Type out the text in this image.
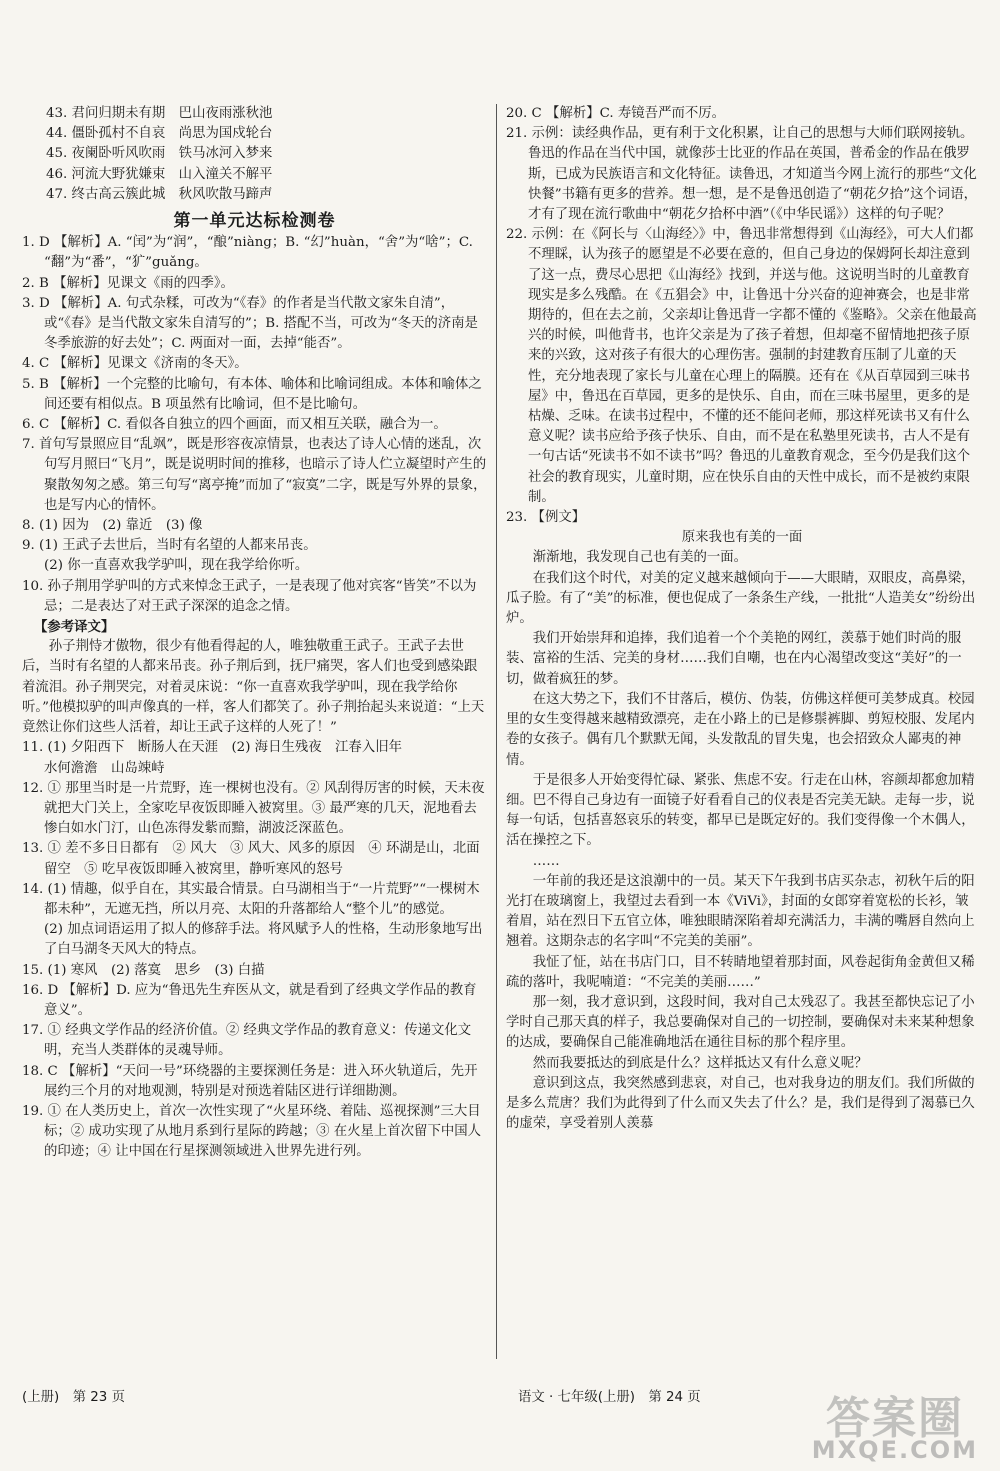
43. 君问归期未有期　巴山夜雨涨秋池
44. 僵卧孤村不自哀　尚思为国戍轮台
45. 夜阑卧听风吹雨　铁马冰河入梦来
46. 河流大野犹嫌束　山入潼关不解平
47. 终古高云簇此城　秋风吹散马蹄声
第一单元达标检测卷
1. D 【解析】A. “闰”为“润”，“酿”niàng；B. “幻”huàn，“舍”为“啥”；C. “翻”为“番”，“犷”guǎng。
2. B 【解析】见课文《雨的四季》。
3. D 【解析】A. 句式杂糅，可改为“《春》的作者是当代散文家朱自清”，或“《春》是当代散文家朱自清写的”；B. 搭配不当，可改为“冬天的济南是冬季旅游的好去处”；C. 两面对一面，去掉“能否”。
4. C 【解析】见课文《济南的冬天》。
5. B 【解析】一个完整的比喻句，有本体、喻体和比喻词组成。本体和喻体之间还要有相似点。B 项虽然有比喻词，但不是比喻句。
6. C 【解析】C. 看似各自独立的四个画面，而又相互关联，融合为一。
7. 首句写景照应目“乱飒”，既是形容夜凉情景，也表达了诗人心情的迷乱，次句写月照曰“飞月”，既是说明时间的推移，也暗示了诗人伫立凝望时产生的聚散匆匆之感。第三句写“离亭掩”而加了“寂寞”二字，既是写外界的景象，也是写内心的情怀。
8. (1) 因为　(2) 靠近　(3) 像
9. (1) 王武子去世后，当时有名望的人都来吊丧。
(2) 你一直喜欢我学驴叫，现在我学给你听。
10. 孙子荆用学驴叫的方式来悼念王武子，一是表现了他对宾客“皆笑”不以为忌；二是表达了对王武子深深的追念之情。
【参考译文】
孙子荆恃才傲物，很少有他看得起的人，唯独敬重王武子。王武子去世后，当时有名望的人都来吊丧。孙子荆后到，抚尸痛哭，客人们也受到感染跟着流泪。孙子荆哭完，对着灵床说：“你一直喜欢我学驴叫，现在我学给你听。”他模拟驴的叫声像真的一样，客人们都笑了。孙子荆抬起头来说道：“上天竟然让你们这些人活着，却让王武子这样的人死了！”
11. (1) 夕阳西下　断肠人在天涯　(2) 海日生残夜　江春入旧年
水何澹澹　山岛竦峙
12. ① 那里当时是一片荒野，连一棵树也没有。② 风刮得厉害的时候，天未夜就把大门关上，全家吃早夜饭即睡入被窝里。③ 最严寒的几天，泥地看去惨白如水门汀，山色冻得发紫而黯，湖波泛深蓝色。
13. ① 差不多日日都有　② 风大　③ 风大、风多的原因　④ 环湖是山，北面留空　⑤ 吃早夜饭即睡入被窝里，静听寒风的怒号
14. (1) 情趣，似乎自在，其实最合情景。白马湖相当于“一片荒野”“一棵树木都未种”，无遮无挡，所以月亮、太阳的升落都给人“整个儿”的感觉。
(2) 加点词语运用了拟人的修辞手法。将风赋予人的性格，生动形象地写出了白马湖冬天风大的特点。
15. (1) 寒风　(2) 落寞　思乡　(3) 白描
16. D 【解析】D. 应为“鲁迅先生弃医从文，就是看到了经典文学作品的教育意义”。
17. ① 经典文学作品的经济价值。② 经典文学作品的教育意义：传递文化文明，充当人类群体的灵魂导师。
18. C 【解析】“天问一号”环绕器的主要探测任务是：进入环火轨道后，先开展约三个月的对地观测，特别是对预选着陆区进行详细勘测。
19. ① 在人类历史上，首次一次性实现了“火星环绕、着陆、巡视探测”三大目标；② 成功实现了从地月系到行星际的跨越；③ 在火星上首次留下中国人的印迹；④ 让中国在行星探测领域进入世界先进行列。
20. C 【解析】C. 寿镜吾严而不厉。
21. 示例：读经典作品，更有利于文化积累，让自己的思想与大师们联网接轨。鲁迅的作品在当代中国，就像莎士比亚的作品在英国，普希金的作品在俄罗斯，已成为民族语言和文化特征。读鲁迅，才知道当今网上流行的那些“文化快餐”书籍有更多的营养。想一想，是不是鲁迅创造了“朝花夕拾”这个词语，才有了现在流行歌曲中“朝花夕拾杯中酒”（《中华民谣》）这样的句子呢？
22. 示例：在《阿长与〈山海经〉》中，鲁迅非常想得到《山海经》，可大人们都不理睬，认为孩子的愿望是不必要在意的，但自己身边的保姆阿长却注意到了这一点，费尽心思把《山海经》找到，并送与他。这说明当时的儿童教育现实是多么残酷。在《五猖会》中，让鲁迅十分兴奋的迎神赛会，也是非常期待的，但在去之前，父亲却让鲁迅背一字都不懂的《鉴略》。父亲在他最高兴的时候，叫他背书，也许父亲是为了孩子着想，但却毫不留情地把孩子原来的兴致，这对孩子有很大的心理伤害。强制的封建教育压制了儿童的天性，充分地表现了家长与儿童在心理上的隔膜。还有在《从百草园到三味书屋》中，鲁迅在百草园，更多的是快乐、自由，而在三味书屋里，更多的是枯燥、乏味。在读书过程中，不懂的还不能问老师，那这样死读书又有什么意义呢？读书应给予孩子快乐、自由，而不是在私塾里死读书，古人不是有一句古话“死读书不如不读书”吗？鲁迅的儿童教育观念，至今仍是我们这个社会的教育现实，儿童时期，应在快乐自由的天性中成长，而不是被约束限制。
23. 【例文】
原来我也有美的一面
渐渐地，我发现自己也有美的一面。
在我们这个时代，对美的定义越来越倾向于——大眼睛，双眼皮，高鼻梁，瓜子脸。有了“美”的标准，便也促成了一条条生产线，一批批“人造美女”纷纷出炉。
我们开始崇拜和追捧，我们追着一个个美艳的网红，羡慕于她们时尚的服装、富裕的生活、完美的身材……我们自嘲，也在内心渴望改变这“美好”的一切，做着疯狂的梦。
在这大势之下，我们不甘落后，模仿、伪装，仿佛这样便可美梦成真。校园里的女生变得越来越精致漂亮，走在小路上的已是修鬃裤脚、剪短校服、发尾内卷的女孩子。偶有几个默默无闻，头发散乱的冒失鬼，也会招致众人鄙夷的神情。
于是很多人开始变得忙碌、紧张、焦虑不安。行走在山林，容颜却都愈加精细。巴不得自己身边有一面镜子好看看自己的仪表是否完美无缺。走每一步，说每一句话，包括喜怒哀乐的转变，都早已是既定好的。我们变得像一个木偶人，活在操控之下。
……
一年前的我还是这浪潮中的一员。某天下午我到书店买杂志，初秋午后的阳光打在玻璃窗上，我望过去看到一本《ViVi》，封面的女郎穿着宽松的长衫，皱着眉，站在烈日下五官立体，唯独眼睛深陷着却充满活力，丰满的嘴唇自然向上翘着。这期杂志的名字叫“不完美的美丽”。
我怔了怔，站在书店门口，目不转睛地望着那封面，风卷起街角金黄但又稀疏的落叶，我呢喃道：“不完美的美丽……”
那一刻，我才意识到，这段时间，我对自己太残忍了。我甚至都快忘记了小学时自己那天真的样子，我总要确保对自己的一切控制，要确保对未来某种想象的达成，要确保自己能准确地活在通往目标的那个程序里。
然而我要抵达的到底是什么？这样抵达又有什么意义呢？
意识到这点，我突然感到悲哀，对自己，也对我身边的朋友们。我们所做的是多么荒唐？我们为此得到了什么而又失去了什么？是，我们是得到了渴慕已久的虚荣，享受着别人羡慕
(上册)　第 23 页	语文 · 七年级(上册)　第 24 页	答案圈
MXQE.COM
